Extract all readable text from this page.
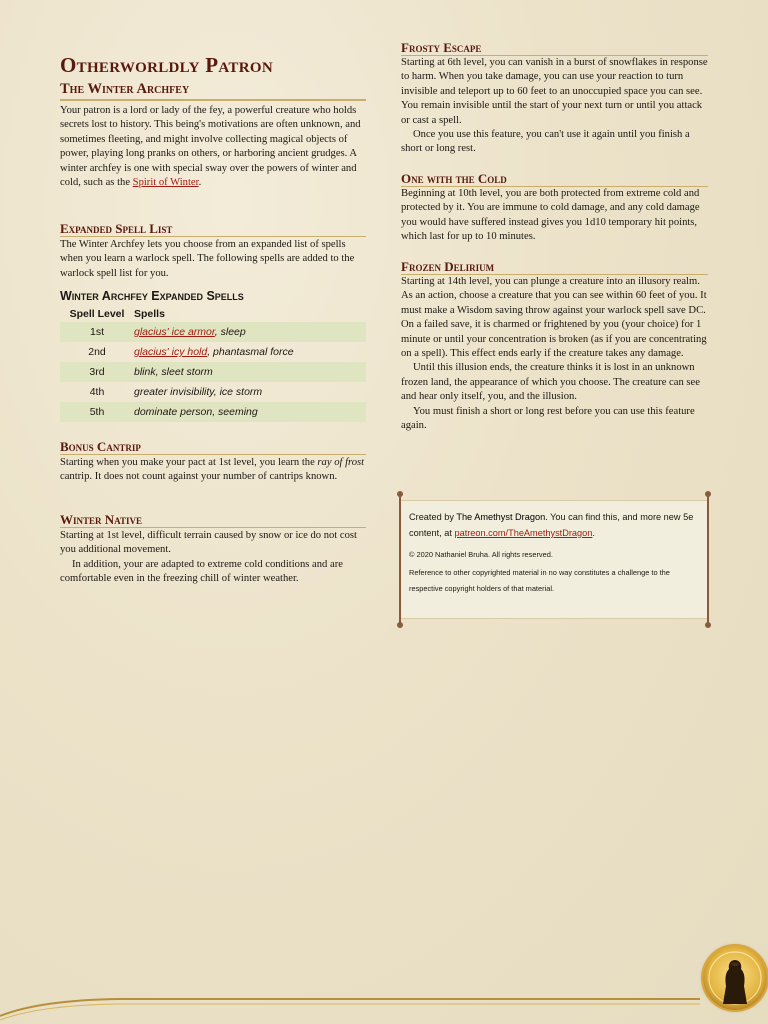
Otherworldly Patron
The Winter Archfey

Your patron is a lord or lady of the fey, a powerful creature who holds secrets lost to history. This being's motivations are often unknown, and sometimes fleeting, and might involve collecting magical objects of power, playing long pranks on others, or harboring ancient grudges. A winter archfey is one with special sway over the powers of winter and cold, such as the Spirit of Winter.

Expanded Spell List

The Winter Archfey lets you choose from an expanded list of spells when you learn a warlock spell. The following spells are added to the warlock spell list for you.

Winter Archfey Expanded Spells
Spell Level	Spells
1st	glacius' ice armor, sleep
2nd	glacius' icy hold, phantasmal force
3rd	blink, sleet storm
4th	greater invisibility, ice storm
5th	dominate person, seeming
Bonus Cantrip

Starting when you make your pact at 1st level, you learn the ray of frost cantrip. It does not count against your number of cantrips known.

Winter Native

Starting at 1st level, difficult terrain caused by snow or ice do not cost you additional movement.

In addition, your are adapted to extreme cold conditions and are comfortable even in the freezing chill of winter weather.

Frosty Escape

Starting at 6th level, you can vanish in a burst of snowflakes in response to harm. When you take damage, you can use your reaction to turn invisible and teleport up to 60 feet to an unoccupied space you can see. You remain invisible until the start of your next turn or until you attack or cast a spell.

Once you use this feature, you can't use it again until you finish a short or long rest.

One with the Cold

Beginning at 10th level, you are both protected from extreme cold and protected by it. You are immune to cold damage, and any cold damage you would have suffered instead gives you 1d10 temporary hit points, which last for up to 10 minutes.

Frozen Delirium

Starting at 14th level, you can plunge a creature into an illusory realm. As an action, choose a creature that you can see within 60 feet of you. It must make a Wisdom saving throw against your warlock spell save DC. On a failed save, it is charmed or frightened by you (your choice) for 1 minute or until your concentration is broken (as if you are concentrating on a spell). This effect ends early if the creature takes any damage.

Until this illusion ends, the creature thinks it is lost in an unknown frozen land, the appearance of which you choose. The creature can see and hear only itself, you, and the illusion.

You must finish a short or long rest before you can use this feature again.

Created by The Amethyst Dragon. You can find this, and more new 5e content, at patreon.com/TheAmethystDragon.

© 2020 Nathaniel Bruha. All rights reserved.

Reference to other copyrighted material in no way constitutes a challenge to the respective copyright holders of that material.
